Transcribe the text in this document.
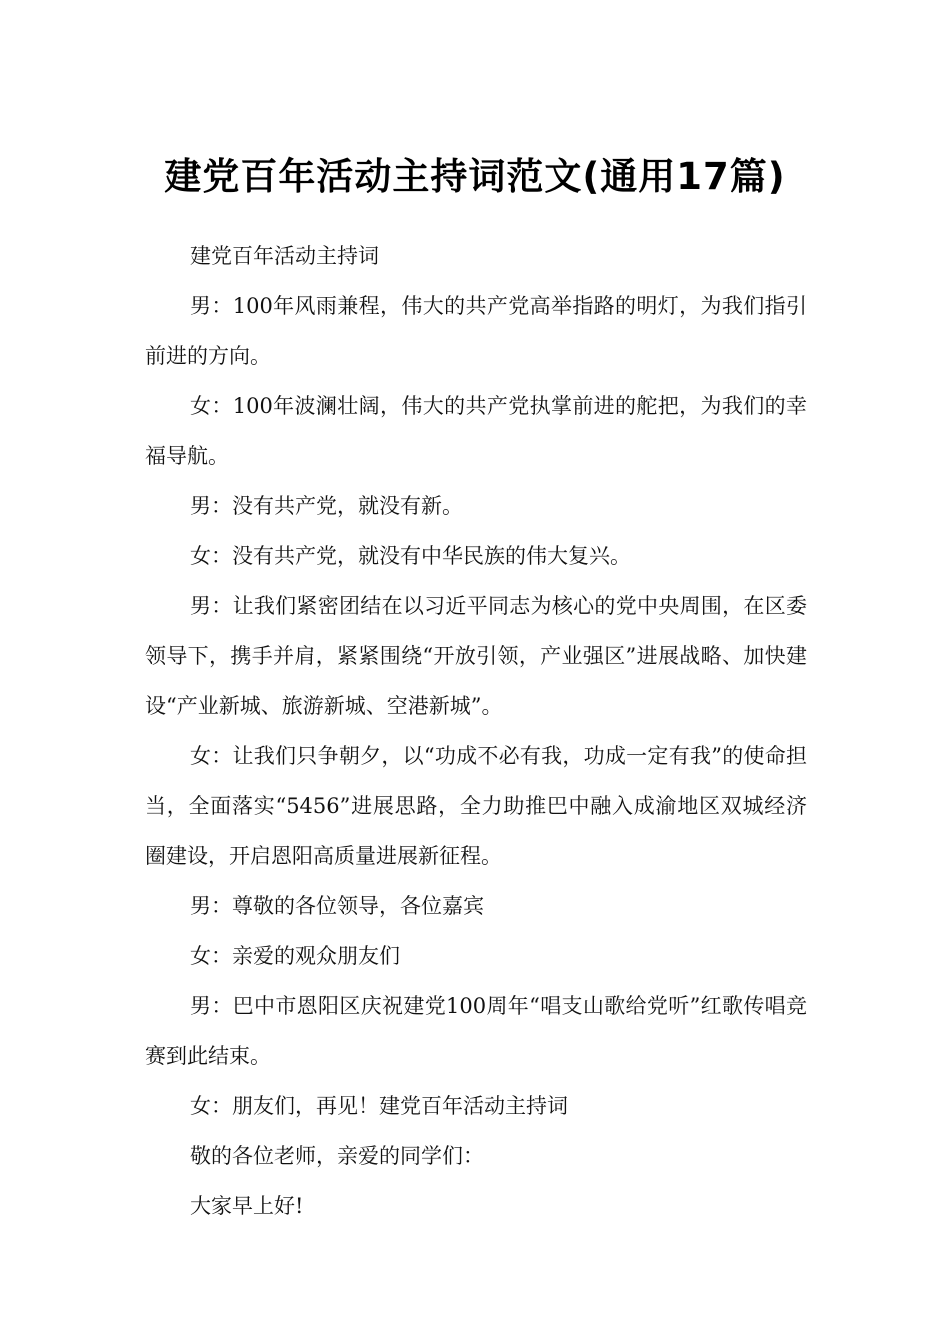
建党百年活动主持词范文(通用17篇)

建党百年活动主持词

男：100年风雨兼程，伟大的共产党高举指路的明灯，为我们指引前进的方向。

女：100年波澜壮阔，伟大的共产党执掌前进的舵把，为我们的幸福导航。

男：没有共产党，就没有新。

女：没有共产党，就没有中华民族的伟大复兴。

男：让我们紧密团结在以习近平同志为核心的党中央周围，在区委领导下，携手并肩，紧紧围绕“开放引领，产业强区”进展战略、加快建设“产业新城、旅游新城、空港新城”。

女：让我们只争朝夕，以“功成不必有我，功成一定有我”的使命担当，全面落实“5456”进展思路，全力助推巴中融入成渝地区双城经济圈建设，开启恩阳高质量进展新征程。

男：尊敬的各位领导，各位嘉宾

女：亲爱的观众朋友们

男：巴中市恩阳区庆祝建党100周年“唱支山歌给党听”红歌传唱竞赛到此结束。

女：朋友们，再见！建党百年活动主持词

敬的各位老师，亲爱的同学们：

大家早上好!
